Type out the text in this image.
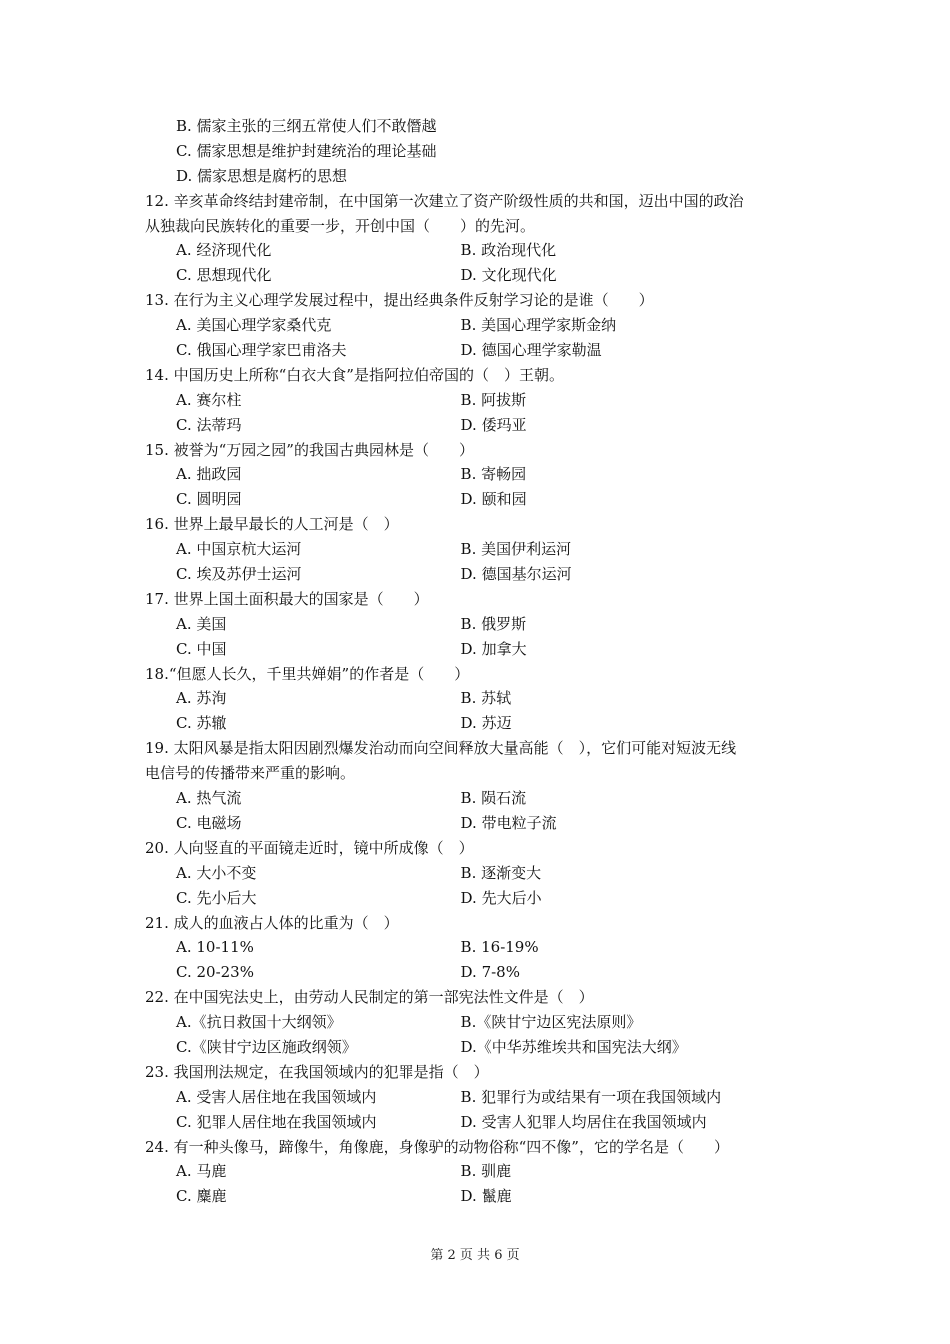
B. 儒家主张的三纲五常使人们不敢僭越
C. 儒家思想是维护封建统治的理论基础
D. 儒家思想是腐朽的思想
12. 辛亥革命终结封建帝制，在中国第一次建立了资产阶级性质的共和国，迈出中国的政治
从独裁向民族转化的重要一步，开创中国（　　）的先河。
A. 经济现代化	B. 政治现代化
C. 思想现代化	D. 文化现代化
13. 在行为主义心理学发展过程中，提出经典条件反射学习论的是谁（　　）
A. 美国心理学家桑代克	B. 美国心理学家斯金纳
C. 俄国心理学家巴甫洛夫	D. 德国心理学家勒温
14. 中国历史上所称“白衣大食”是指阿拉伯帝国的（　）王朝。
A. 赛尔柱	B. 阿拔斯
C. 法蒂玛	D. 倭玛亚
15. 被誉为“万园之园”的我国古典园林是（　　）
A. 拙政园	B. 寄畅园
C. 圆明园	D. 颐和园
16. 世界上最早最长的人工河是（　）
A. 中国京杭大运河	B. 美国伊利运河
C. 埃及苏伊士运河	D. 德国基尔运河
17. 世界上国土面积最大的国家是（　　）
A. 美国	B. 俄罗斯
C. 中国	D. 加拿大
18.“但愿人长久，千里共婵娟”的作者是（　　）
A. 苏洵	B. 苏轼
C. 苏辙	D. 苏迈
19. 太阳风暴是指太阳因剧烈爆发治动而向空间释放大量高能（　），它们可能对短波无线
电信号的传播带来严重的影响。
A. 热气流	B. 陨石流
C. 电磁场	D. 带电粒子流
20. 人向竖直的平面镜走近时，镜中所成像（　）
A. 大小不变	B. 逐渐变大
C. 先小后大	D. 先大后小
21. 成人的血液占人体的比重为（　）
A. 10-11%	B. 16-19%
C. 20-23%	D. 7-8%
22. 在中国宪法史上，由劳动人民制定的第一部宪法性文件是（　）
A.《抗日救国十大纲领》	B.《陕甘宁边区宪法原则》
C.《陕甘宁边区施政纲领》	D.《中华苏维埃共和国宪法大纲》
23. 我国刑法规定，在我国领域内的犯罪是指（　）
A. 受害人居住地在我国领域内	B. 犯罪行为或结果有一项在我国领域内
C. 犯罪人居住地在我国领域内	D. 受害人犯罪人均居住在我国领域内
24. 有一种头像马，蹄像牛，角像鹿，身像驴的动物俗称“四不像”，它的学名是（　　）
A. 马鹿	B. 驯鹿
C. 麋鹿	D. 鬣鹿
第 2 页 共 6 页
